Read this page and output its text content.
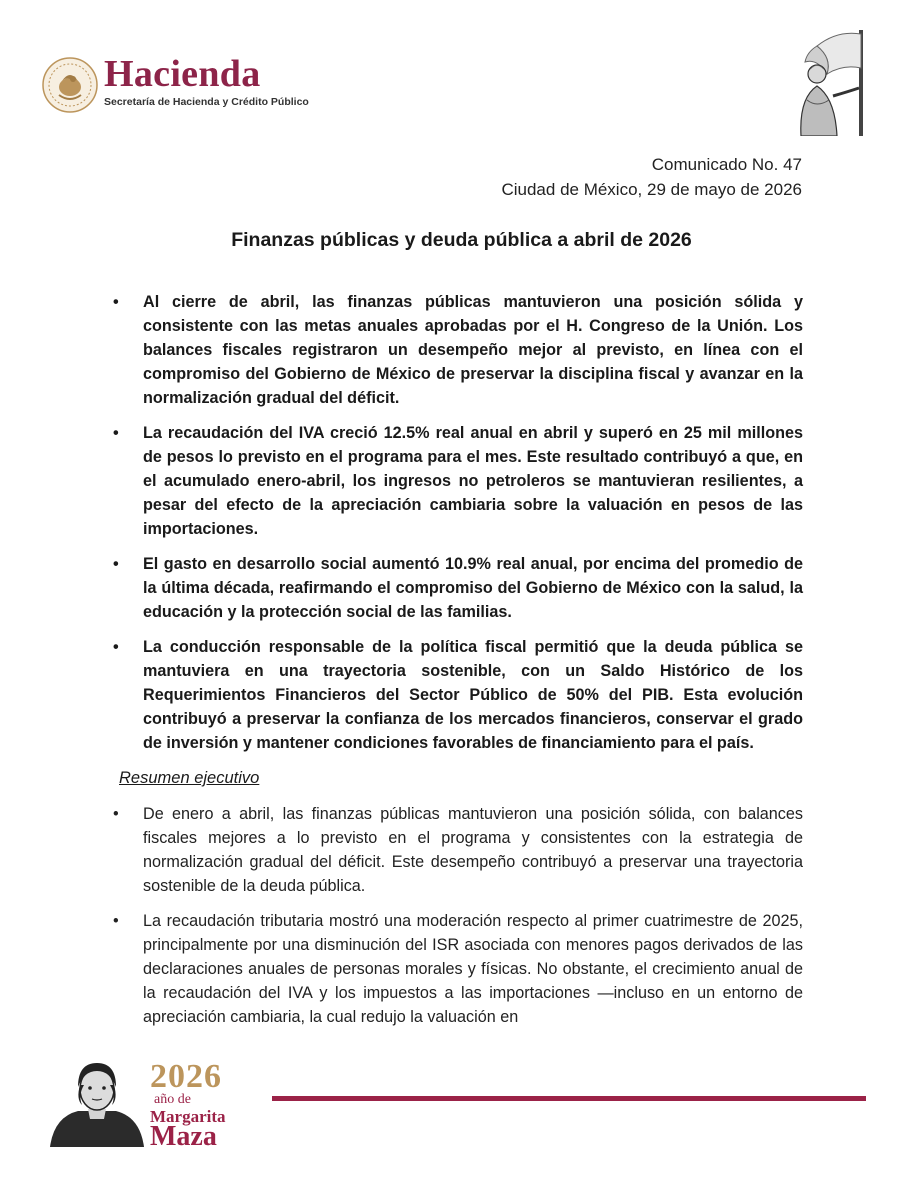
Hacienda
Secretaría de Hacienda y Crédito Público
Comunicado No. 47
Ciudad de México, 29 de mayo de 2026
Finanzas públicas y deuda pública a abril de 2026
• Al cierre de abril, las finanzas públicas mantuvieron una posición sólida y consistente con las metas anuales aprobadas por el H. Congreso de la Unión. Los balances fiscales registraron un desempeño mejor al previsto, en línea con el compromiso del Gobierno de México de preservar la disciplina fiscal y avanzar en la normalización gradual del déficit.
• La recaudación del IVA creció 12.5% real anual en abril y superó en 25 mil millones de pesos lo previsto en el programa para el mes. Este resultado contribuyó a que, en el acumulado enero-abril, los ingresos no petroleros se mantuvieran resilientes, a pesar del efecto de la apreciación cambiaria sobre la valuación en pesos de las importaciones.
• El gasto en desarrollo social aumentó 10.9% real anual, por encima del promedio de la última década, reafirmando el compromiso del Gobierno de México con la salud, la educación y la protección social de las familias.
• La conducción responsable de la política fiscal permitió que la deuda pública se mantuviera en una trayectoria sostenible, con un Saldo Histórico de los Requerimientos Financieros del Sector Público de 50% del PIB. Esta evolución contribuyó a preservar la confianza de los mercados financieros, conservar el grado de inversión y mantener condiciones favorables de financiamiento para el país.
Resumen ejecutivo
• De enero a abril, las finanzas públicas mantuvieron una posición sólida, con balances fiscales mejores a lo previsto en el programa y consistentes con la estrategia de normalización gradual del déficit. Este desempeño contribuyó a preservar una trayectoria sostenible de la deuda pública.
• La recaudación tributaria mostró una moderación respecto al primer cuatrimestre de 2025, principalmente por una disminución del ISR asociada con menores pagos derivados de las declaraciones anuales de personas morales y físicas. No obstante, el crecimiento anual de la recaudación del IVA y los impuestos a las importaciones —incluso en un entorno de apreciación cambiaria, la cual redujo la valuación en
2026
año de
Margarita
Maza
